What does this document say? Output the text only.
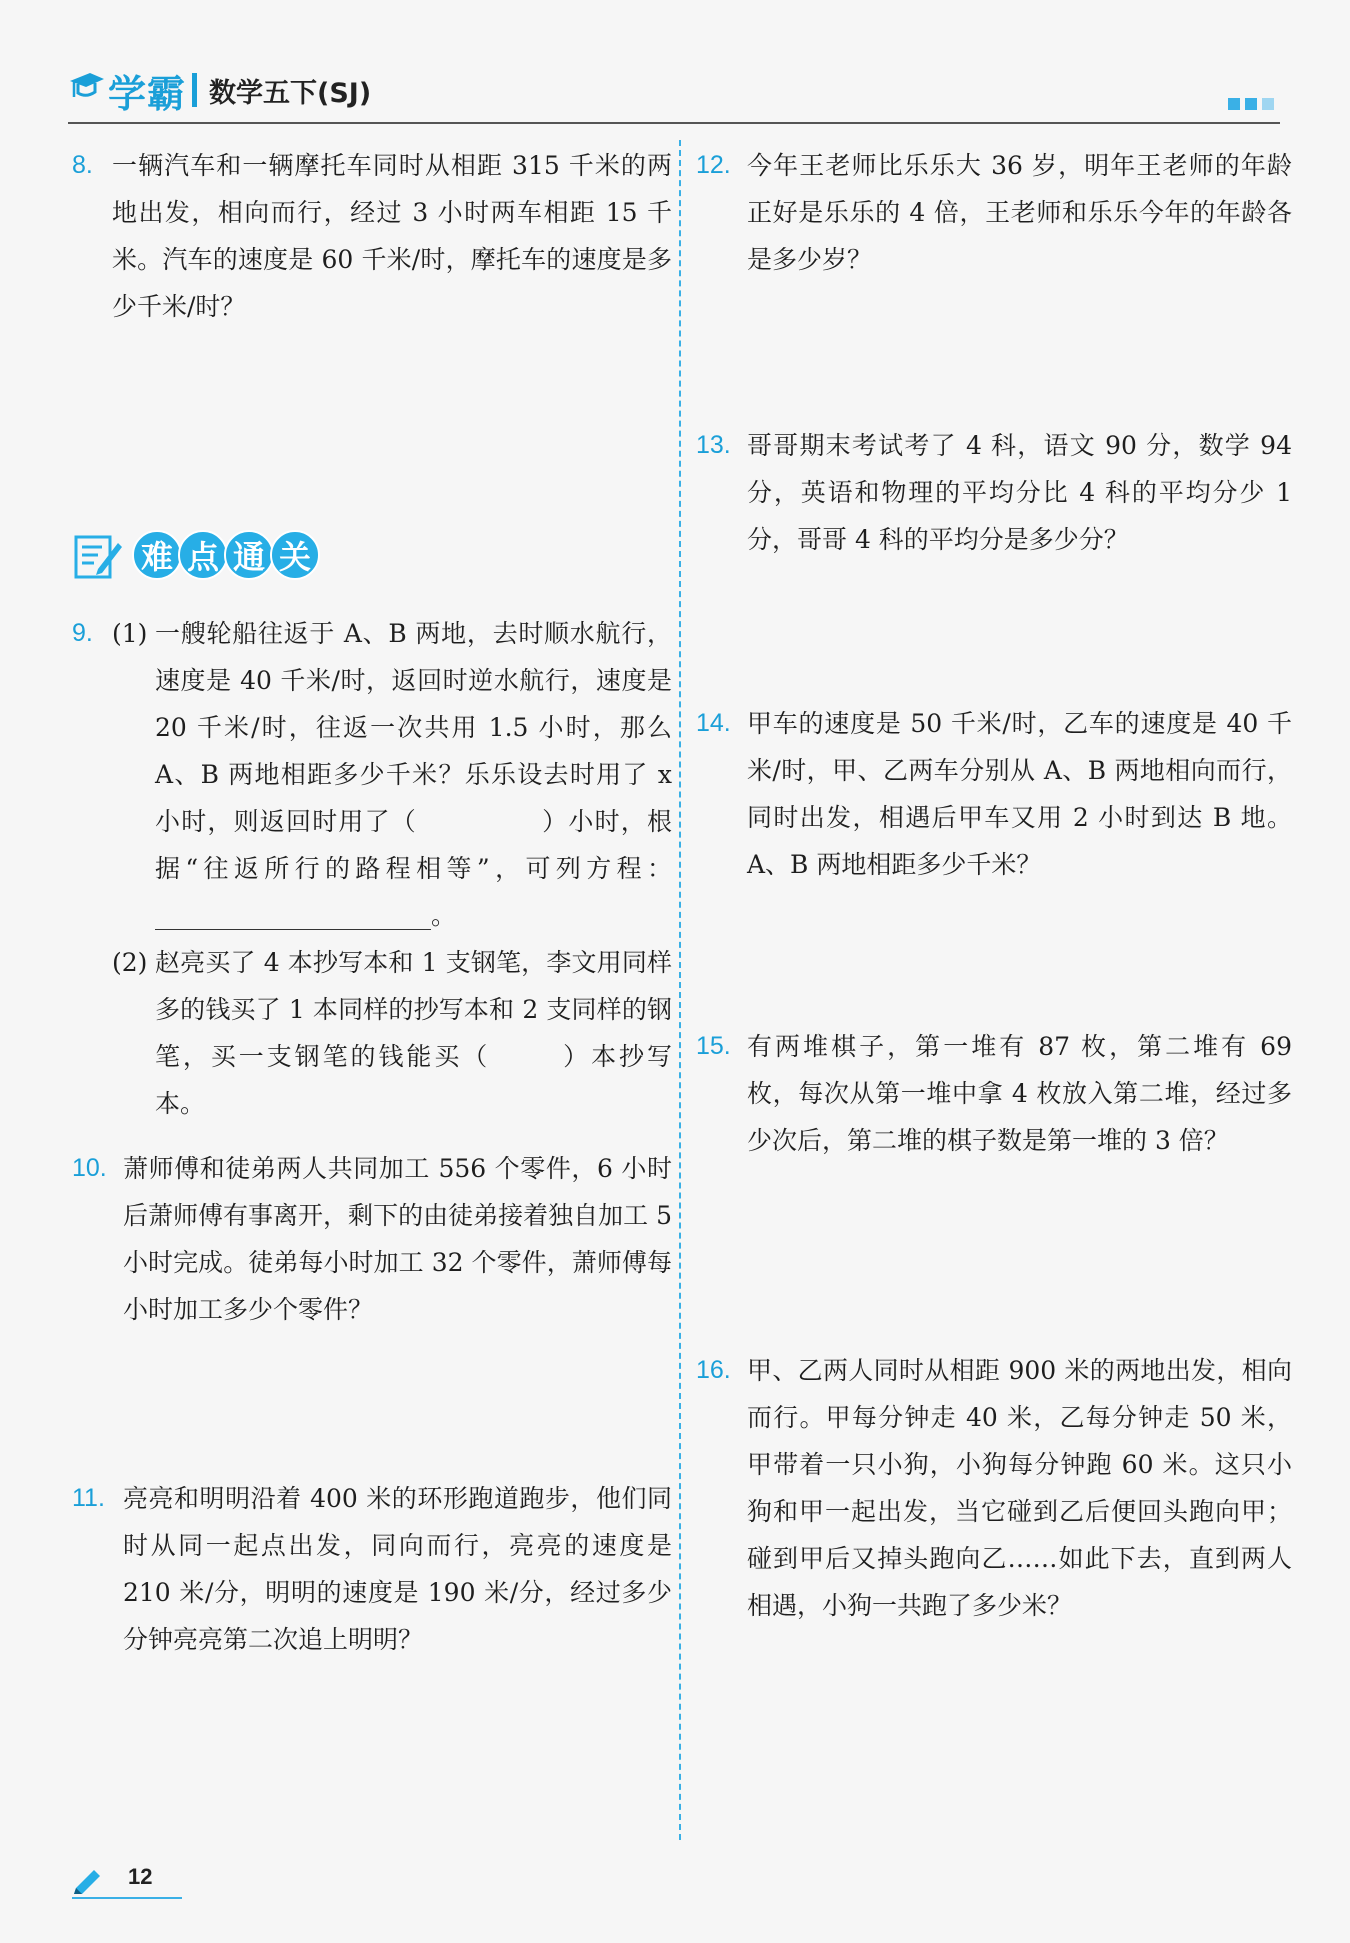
学霸 数学五下(SJ)
8. 一辆汽车和一辆摩托车同时从相距 315 千米的两地出发，相向而行，经过 3 小时两车相距 15 千米。汽车的速度是 60 千米/时，摩托车的速度是多少千米/时？
9. (1) 一艘轮船往返于 A、B 两地，去时顺水航行，速度是 40 千米/时，返回时逆水航行，速度是 20 千米/时，往返一次共用 1.5 小时，那么 A、B 两地相距多少千米？乐乐设去时用了 x 小时，则返回时用了（	）小时，根据“往返所行的路程相等”，可列方程：。
(2) 赵亮买了 4 本抄写本和 1 支钢笔，李文用同样多的钱买了 1 本同样的抄写本和 2 支同样的钢笔，买一支钢笔的钱能买（	）本抄写本。
10. 萧师傅和徒弟两人共同加工 556 个零件，6 小时后萧师傅有事离开，剩下的由徒弟接着独自加工 5 小时完成。徒弟每小时加工 32 个零件，萧师傅每小时加工多少个零件？
11. 亮亮和明明沿着 400 米的环形跑道跑步，他们同时从同一起点出发，同向而行，亮亮的速度是 210 米/分，明明的速度是 190 米/分，经过多少分钟亮亮第二次追上明明？
难 点 通 关
12. 今年王老师比乐乐大 36 岁，明年王老师的年龄正好是乐乐的 4 倍，王老师和乐乐今年的年龄各是多少岁？
13. 哥哥期末考试考了 4 科，语文 90 分，数学 94 分，英语和物理的平均分比 4 科的平均分少 1 分，哥哥 4 科的平均分是多少分？
14. 甲车的速度是 50 千米/时，乙车的速度是 40 千米/时，甲、乙两车分别从 A、B 两地相向而行，同时出发，相遇后甲车又用 2 小时到达 B 地。A、B 两地相距多少千米？
15. 有两堆棋子，第一堆有 87 枚，第二堆有 69 枚，每次从第一堆中拿 4 枚放入第二堆，经过多少次后，第二堆的棋子数是第一堆的 3 倍？
16. 甲、乙两人同时从相距 900 米的两地出发，相向而行。甲每分钟走 40 米，乙每分钟走 50 米，甲带着一只小狗，小狗每分钟跑 60 米。这只小狗和甲一起出发，当它碰到乙后便回头跑向甲；碰到甲后又掉头跑向乙……如此下去，直到两人相遇，小狗一共跑了多少米？
12
